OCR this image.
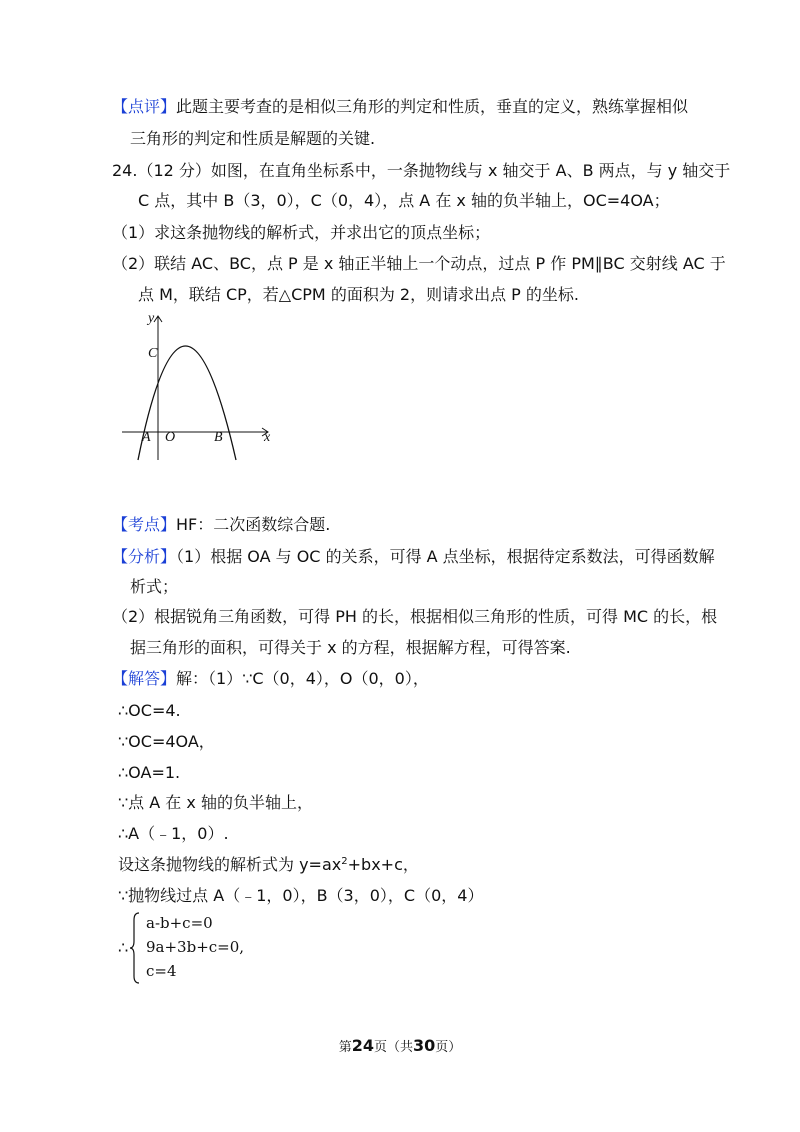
【点评】此题主要考查的是相似三角形的判定和性质，垂直的定义，熟练掌握相似
三角形的判定和性质是解题的关键.
24.（12 分）如图，在直角坐标系中，一条抛物线与 x 轴交于 A、B 两点，与 y 轴交于
C 点，其中 B（3，0），C（0，4），点 A 在 x 轴的负半轴上，OC=4OA；
（1）求这条抛物线的解析式，并求出它的顶点坐标；
（2）联结 AC、BC，点 P 是 x 轴正半轴上一个动点，过点 P 作 PM∥BC 交射线 AC 于
点 M，联结 CP，若△CPM 的面积为 2，则请求出点 P 的坐标.
y
x
C
A O	B
【考点】HF：二次函数综合题.
【分析】（1）根据 OA 与 OC 的关系，可得 A 点坐标，根据待定系数法，可得函数解
析式；
（2）根据锐角三角函数，可得 PH 的长，根据相似三角形的性质，可得 MC 的长，根
据三角形的面积，可得关于 x 的方程，根据解方程，可得答案.
【解答】解：（1）∵C（0，4），O（0，0），
∴OC=4.
∵OC=4OA，
∴OA=1.
∵点 A 在 x 轴的负半轴上，
∴A（﹣1，0）.
设这条抛物线的解析式为 $y=ax^2+bx+c$，
∵抛物线过点 A（﹣1，0），B（3，0），C（0，4）
∴
a-b+c=0
9a+3b+c=0,
c=4
第24页（共30页）
